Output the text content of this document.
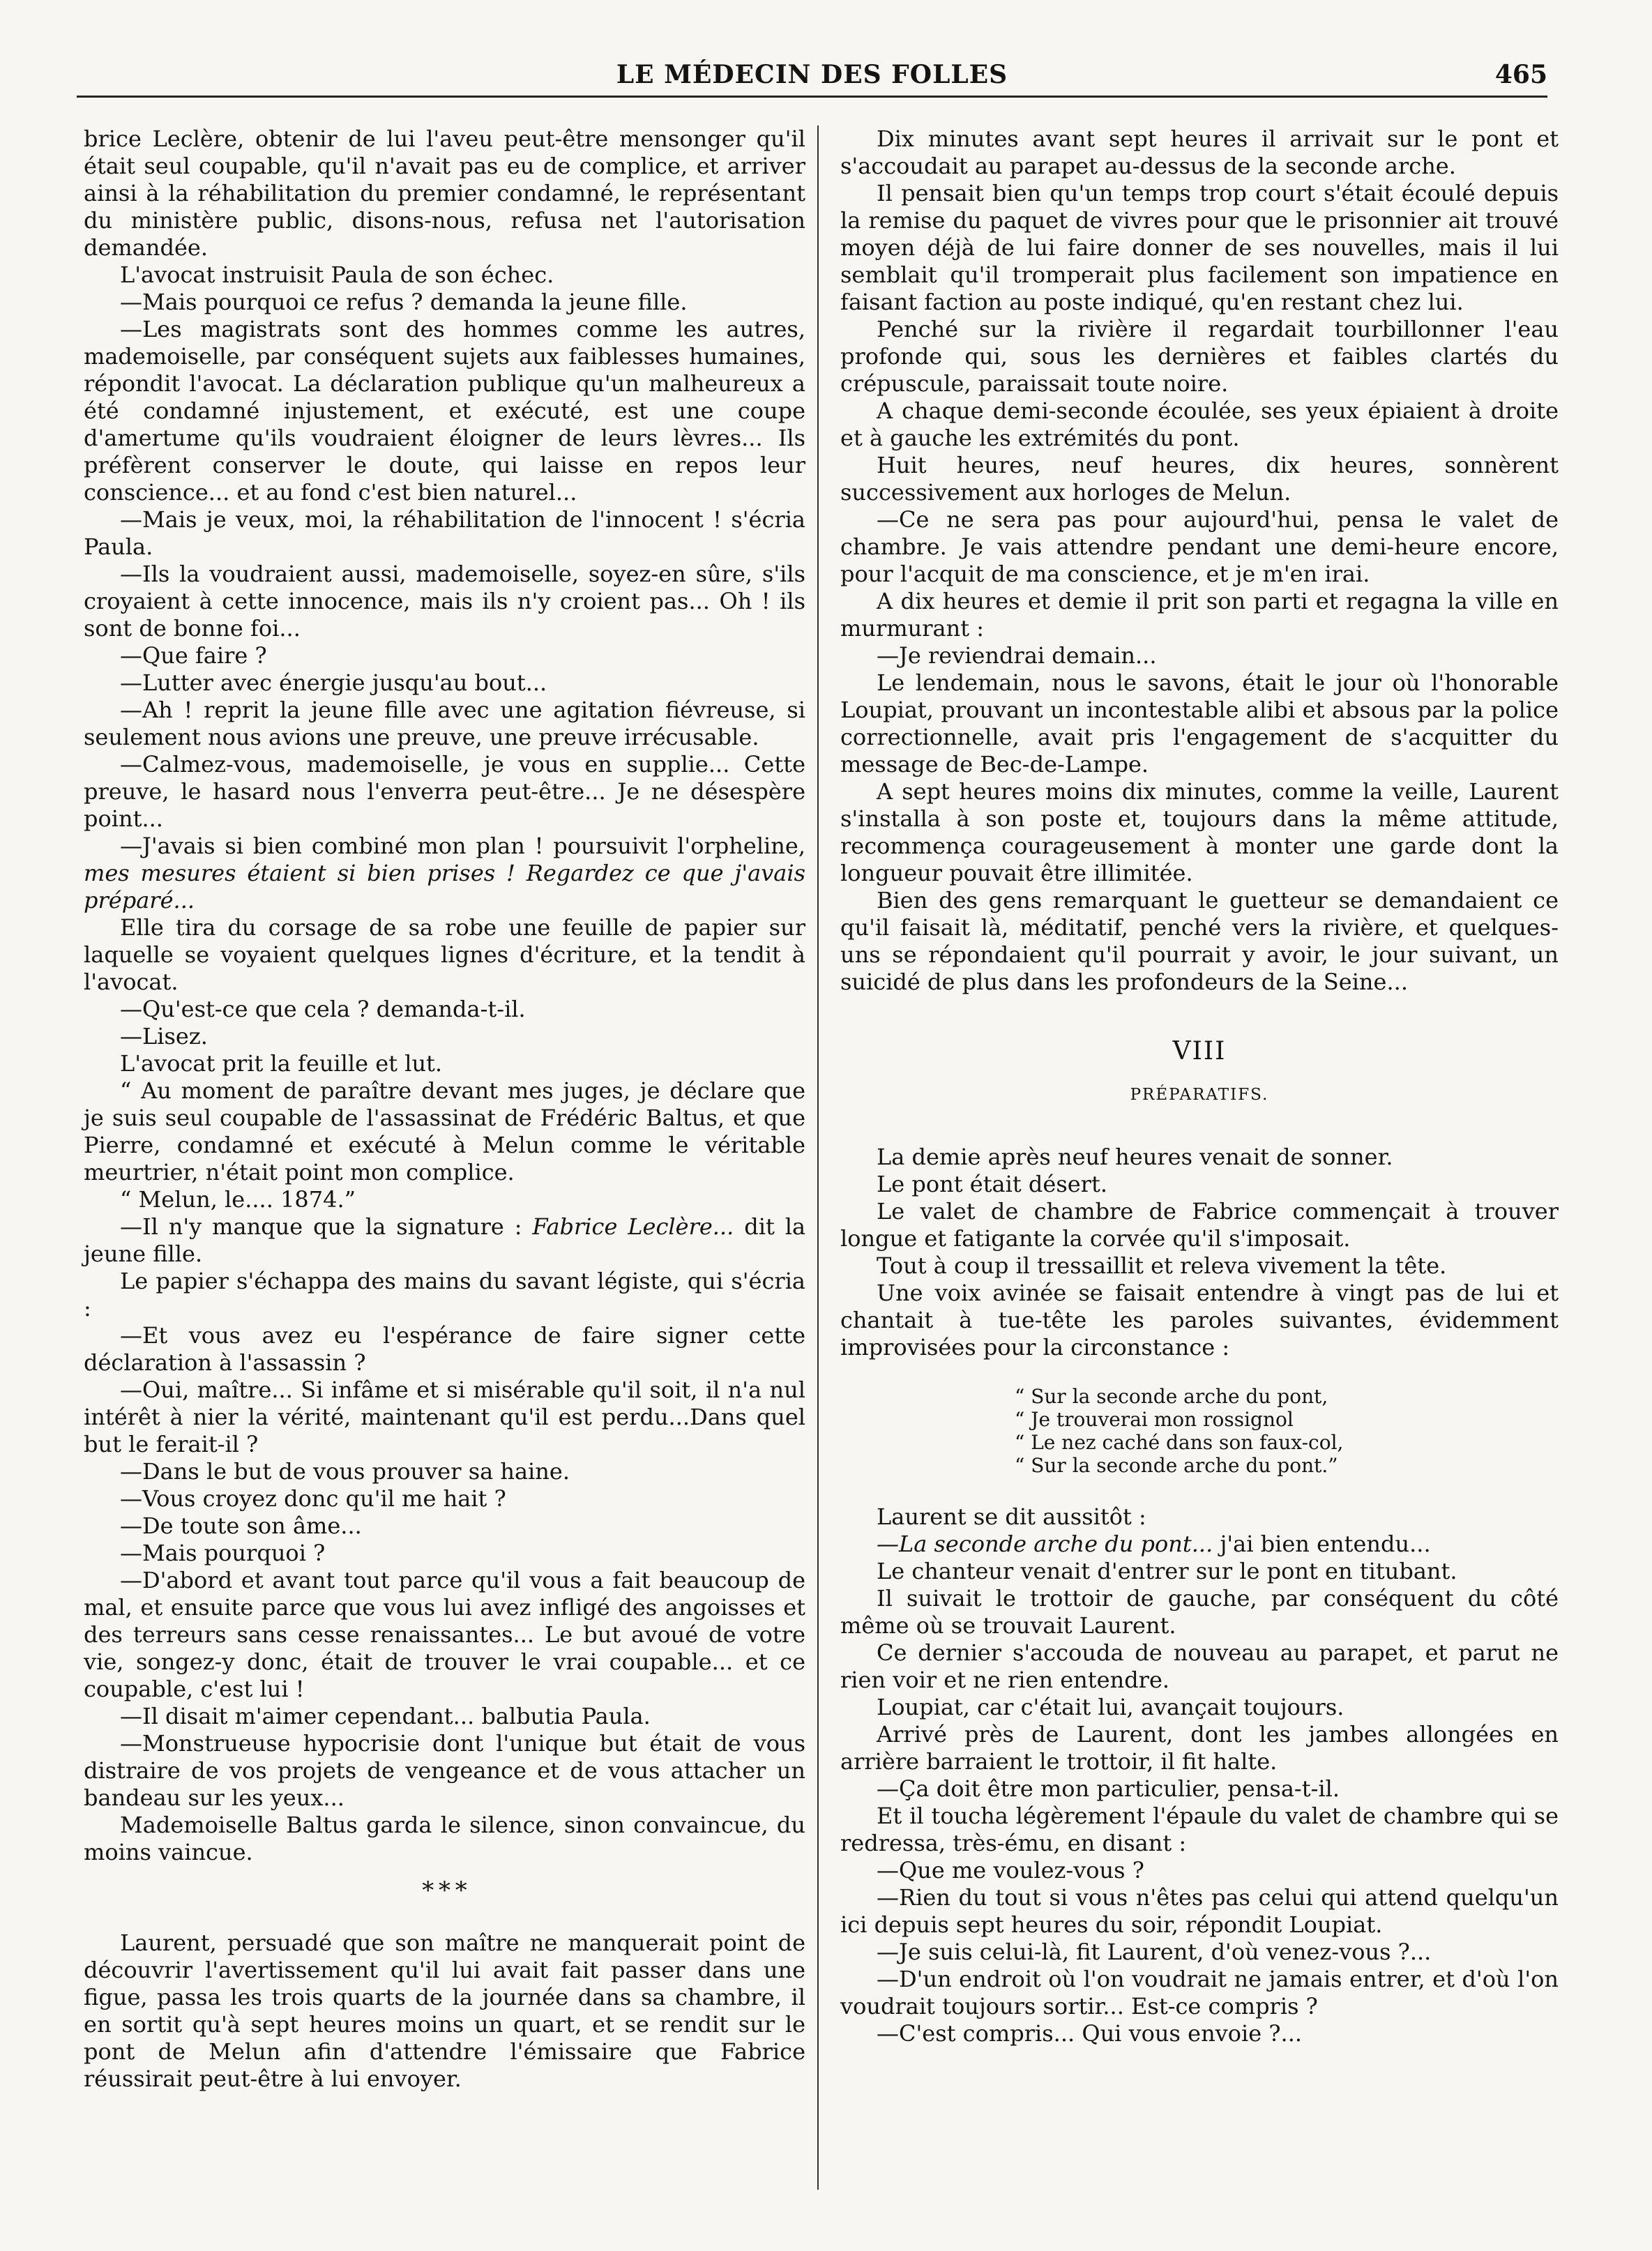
LE MÉDECIN DES FOLLES	465

brice Leclère, obtenir de lui l'aveu peut-être mensonger qu'il était seul coupable, qu'il n'avait pas eu de complice, et arriver ainsi à la réhabilitation du premier condamné, le représentant du ministère public, disons-nous, refusa net l'autorisation demandée.

L'avocat instruisit Paula de son échec.

—Mais pourquoi ce refus ? demanda la jeune fille.

—Les magistrats sont des hommes comme les autres, mademoiselle, par conséquent sujets aux faiblesses humaines, répondit l'avocat. La déclaration publique qu'un malheureux a été condamné injustement, et exécuté, est une coupe d'amertume qu'ils voudraient éloigner de leurs lèvres... Ils préfèrent conserver le doute, qui laisse en repos leur conscience... et au fond c'est bien naturel...

—Mais je veux, moi, la réhabilitation de l'innocent ! s'écria Paula.

—Ils la voudraient aussi, mademoiselle, soyez-en sûre, s'ils croyaient à cette innocence, mais ils n'y croient pas... Oh ! ils sont de bonne foi...

—Que faire ?

—Lutter avec énergie jusqu'au bout...

—Ah ! reprit la jeune fille avec une agitation fiévreuse, si seulement nous avions une preuve, une preuve irrécusable.

—Calmez-vous, mademoiselle, je vous en supplie... Cette preuve, le hasard nous l'enverra peut-être... Je ne désespère point...

—J'avais si bien combiné mon plan ! poursuivit l'orpheline, mes mesures étaient si bien prises ! Regardez ce que j'avais préparé...

Elle tira du corsage de sa robe une feuille de papier sur laquelle se voyaient quelques lignes d'écriture, et la tendit à l'avocat.

—Qu'est-ce que cela ? demanda-t-il.

—Lisez.

L'avocat prit la feuille et lut.

“ Au moment de paraître devant mes juges, je déclare que je suis seul coupable de l'assassinat de Frédéric Baltus, et que Pierre, condamné et exécuté à Melun comme le véritable meurtrier, n'était point mon complice.

“ Melun, le.... 1874.”

—Il n'y manque que la signature : Fabrice Leclère... dit la jeune fille.

Le papier s'échappa des mains du savant légiste, qui s'écria :

—Et vous avez eu l'espérance de faire signer cette déclaration à l'assassin ?

—Oui, maître... Si infâme et si misérable qu'il soit, il n'a nul intérêt à nier la vérité, maintenant qu'il est perdu...Dans quel but le ferait-il ?

—Dans le but de vous prouver sa haine.

—Vous croyez donc qu'il me hait ?

—De toute son âme...

—Mais pourquoi ?

—D'abord et avant tout parce qu'il vous a fait beaucoup de mal, et ensuite parce que vous lui avez infligé des angoisses et des terreurs sans cesse renaissantes... Le but avoué de votre vie, songez-y donc, était de trouver le vrai coupable... et ce coupable, c'est lui !

—Il disait m'aimer cependant... balbutia Paula.

—Monstrueuse hypocrisie dont l'unique but était de vous distraire de vos projets de vengeance et de vous attacher un bandeau sur les yeux...

Mademoiselle Baltus garda le silence, sinon convaincue, du moins vaincue.

* * *

Laurent, persuadé que son maître ne manquerait point de découvrir l'avertissement qu'il lui avait fait passer dans une figue, passa les trois quarts de la journée dans sa chambre, il en sortit qu'à sept heures moins un quart, et se rendit sur le pont de Melun afin d'attendre l'émissaire que Fabrice réussirait peut-être à lui envoyer.

Dix minutes avant sept heures il arrivait sur le pont et s'accoudait au parapet au-dessus de la seconde arche.

Il pensait bien qu'un temps trop court s'était écoulé depuis la remise du paquet de vivres pour que le prisonnier ait trouvé moyen déjà de lui faire donner de ses nouvelles, mais il lui semblait qu'il tromperait plus facilement son impatience en faisant faction au poste indiqué, qu'en restant chez lui.

Penché sur la rivière il regardait tourbillonner l'eau profonde qui, sous les dernières et faibles clartés du crépuscule, paraissait toute noire.

A chaque demi-seconde écoulée, ses yeux épiaient à droite et à gauche les extrémités du pont.

Huit heures, neuf heures, dix heures, sonnèrent successivement aux horloges de Melun.

—Ce ne sera pas pour aujourd'hui, pensa le valet de chambre. Je vais attendre pendant une demi-heure encore, pour l'acquit de ma conscience, et je m'en irai.

A dix heures et demie il prit son parti et regagna la ville en murmurant :

—Je reviendrai demain...

Le lendemain, nous le savons, était le jour où l'honorable Loupiat, prouvant un incontestable alibi et absous par la police correctionnelle, avait pris l'engagement de s'acquitter du message de Bec-de-Lampe.

A sept heures moins dix minutes, comme la veille, Laurent s'installa à son poste et, toujours dans la même attitude, recommença courageusement à monter une garde dont la longueur pouvait être illimitée.

Bien des gens remarquant le guetteur se demandaient ce qu'il faisait là, méditatif, penché vers la rivière, et quelques-uns se répondaient qu'il pourrait y avoir, le jour suivant, un suicidé de plus dans les profondeurs de la Seine...

VIII
PRÉPARATIFS.

La demie après neuf heures venait de sonner.

Le pont était désert.

Le valet de chambre de Fabrice commençait à trouver longue et fatigante la corvée qu'il s'imposait.

Tout à coup il tressaillit et releva vivement la tête.

Une voix avinée se faisait entendre à vingt pas de lui et chantait à tue-tête les paroles suivantes, évidemment improvisées pour la circonstance :

“ Sur la seconde arche du pont,
“ Je trouverai mon rossignol
“ Le nez caché dans son faux-col,
“ Sur la seconde arche du pont.”

Laurent se dit aussitôt :

—La seconde arche du pont... j'ai bien entendu...

Le chanteur venait d'entrer sur le pont en titubant.

Il suivait le trottoir de gauche, par conséquent du côté même où se trouvait Laurent.

Ce dernier s'accouda de nouveau au parapet, et parut ne rien voir et ne rien entendre.

Loupiat, car c'était lui, avançait toujours.

Arrivé près de Laurent, dont les jambes allongées en arrière barraient le trottoir, il fit halte.

—Ça doit être mon particulier, pensa-t-il.

Et il toucha légèrement l'épaule du valet de chambre qui se redressa, très-ému, en disant :

—Que me voulez-vous ?

—Rien du tout si vous n'êtes pas celui qui attend quelqu'un ici depuis sept heures du soir, répondit Loupiat.

—Je suis celui-là, fit Laurent, d'où venez-vous ?...

—D'un endroit où l'on voudrait ne jamais entrer, et d'où l'on voudrait toujours sortir... Est-ce compris ?

—C'est compris... Qui vous envoie ?...
